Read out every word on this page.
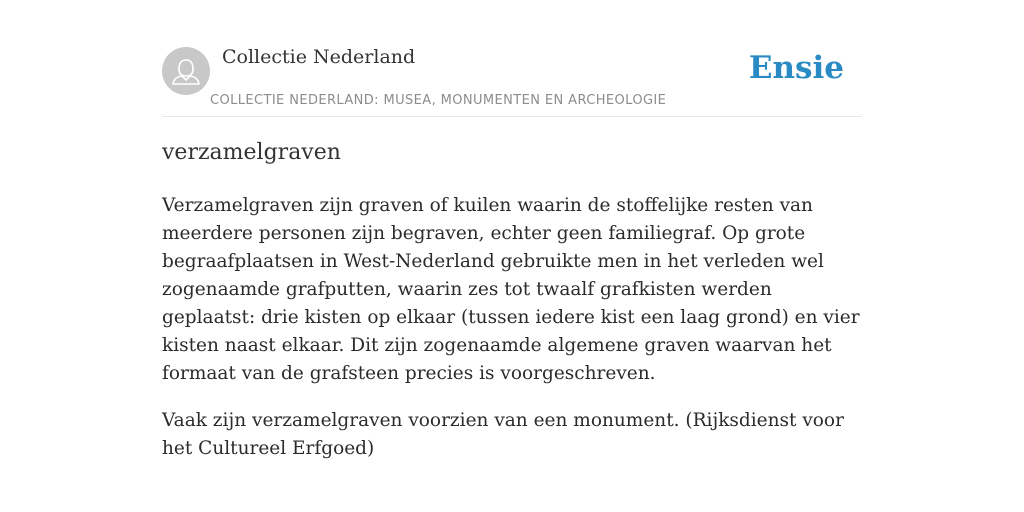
Collectie Nederland
COLLECTIE NEDERLAND: MUSEA, MONUMENTEN EN ARCHEOLOGIE
Ensie
verzamelgraven

Verzamelgraven zijn graven of kuilen waarin de stoffelijke resten van meerdere personen zijn begraven, echter geen familiegraf. Op grote begraafplaatsen in West-Nederland gebruikte men in het verleden wel zogenaamde grafputten, waarin zes tot twaalf grafkisten werden geplaatst: drie kisten op elkaar (tussen iedere kist een laag grond) en vier kisten naast elkaar. Dit zijn zogenaamde algemene graven waarvan het formaat van de grafsteen precies is voorgeschreven.

Vaak zijn verzamelgraven voorzien van een monument. (Rijksdienst voor het Cultureel Erfgoed)
